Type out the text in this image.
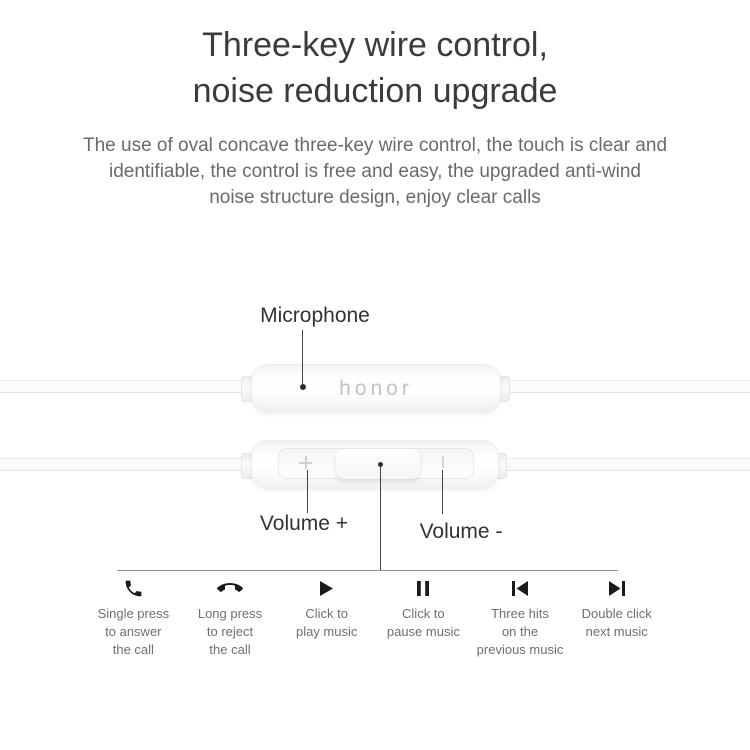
Three-key wire control,
noise reduction upgrade
The use of oval concave three-key wire control, the touch is clear and
identifiable, the control is free and easy, the upgraded anti-wind
noise structure design, enjoy clear calls
honor
Microphone
Volume +	Volume -
Single press
to answer
the call
Long press
to reject
the call
Click to
play music
Click to
pause music
Three hits
on the
previous music
Double click
next music
